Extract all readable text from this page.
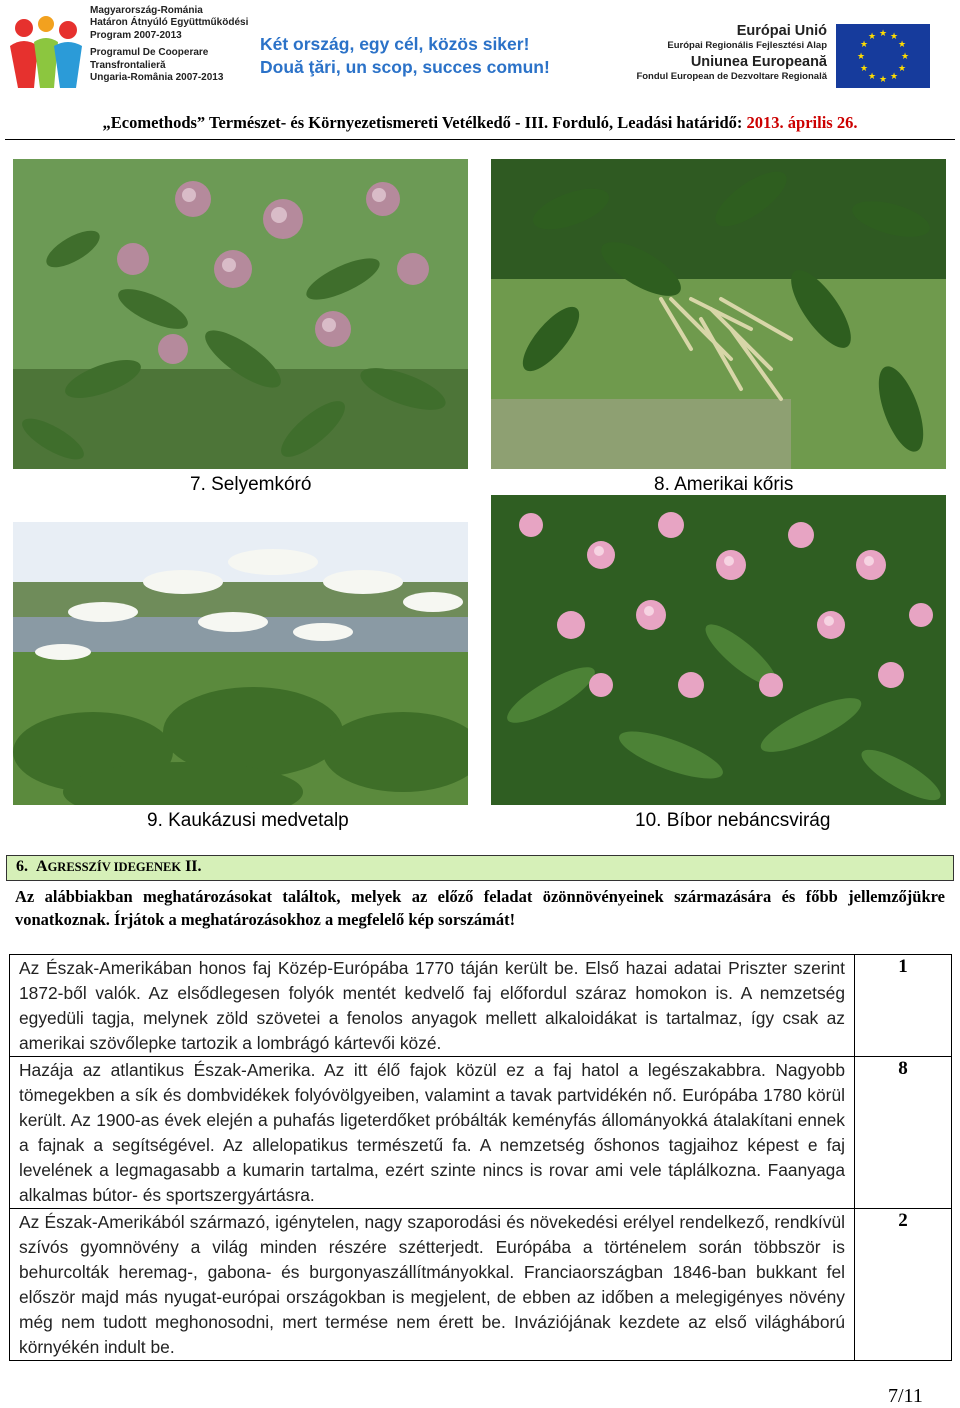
Magyarország-Románia
Határon Átnyúló Együttműködési
Program 2007-2013
Programul De Cooperare
Transfrontalieră
Ungaria-România 2007-2013
Két ország, egy cél, közös siker!
Două ţări, un scop, succes comun!
Európai Unió
Európai Regionális Fejlesztési Alap
Uniunea Europeană
Fondul European de Dezvoltare Regională
★ ★
★
★
★
★
★
★
★
★
★
★
„Ecomethods” Természet- és Környezetismereti Vetélkedő - III. Forduló, Leadási határidő: 2013. április 26.
7. Selyemkóró	8. Amerikai kőris
9. Kaukázusi medvetalp	10. Bíbor nebáncsvirág
6. AGRESSZÍV IDEGENEK II.
Az alábbiakban meghatározásokat találtok, melyek az előző feladat özönnövényeinek származására és főbb jellemzőjükre vonatkoznak. Írjátok a meghatározásokhoz a megfelelő kép sorszámát!
Az Észak-Amerikában honos faj Közép-Európába 1770 táján került be. Első hazai adatai Priszter szerint 1872-ből valók. Az elsődlegesen folyók mentét kedvelő faj előfordul száraz homokon is. A nemzetség egyedüli tagja, melynek zöld szövetei a fenolos anyagok mellett alkaloidákat is tartalmaz, így csak az amerikai szövőlepke tartozik a lombrágó kártevői közé.	1
Hazája az atlantikus Észak-Amerika. Az itt élő fajok közül ez a faj hatol a legészakabbra. Nagyobb tömegekben a sík és dombvidékek folyóvölgyeiben, valamint a tavak partvidékén nő. Európába 1780 körül került. Az 1900-as évek elején a puhafás ligeterdőket próbálták keményfás állományokká átalakítani ennek a fajnak a segítségével. Az allelopatikus természetű fa. A nemzetség őshonos tagjaihoz képest e faj levelének a legmagasabb a kumarin tartalma, ezért szinte nincs is rovar ami vele táplálkozna. Faanyaga alkalmas bútor- és sportszergyártásra.	8
Az Észak-Amerikából származó, igénytelen, nagy szaporodási és növekedési erélyel rendelkező, rendkívül szívós gyomnövény a világ minden részére szétterjedt. Európába a történelem során többször is behurcolták heremag-, gabona- és burgonyaszállítmányokkal. Franciaországban 1846-ban bukkant fel először majd más nyugat-európai országokban is megjelent, de ebben az időben a melegigényes növény még nem tudott meghonosodni, mert termése nem érett be. Inváziójának kezdete az első világháború környékén indult be.	2
7/11
